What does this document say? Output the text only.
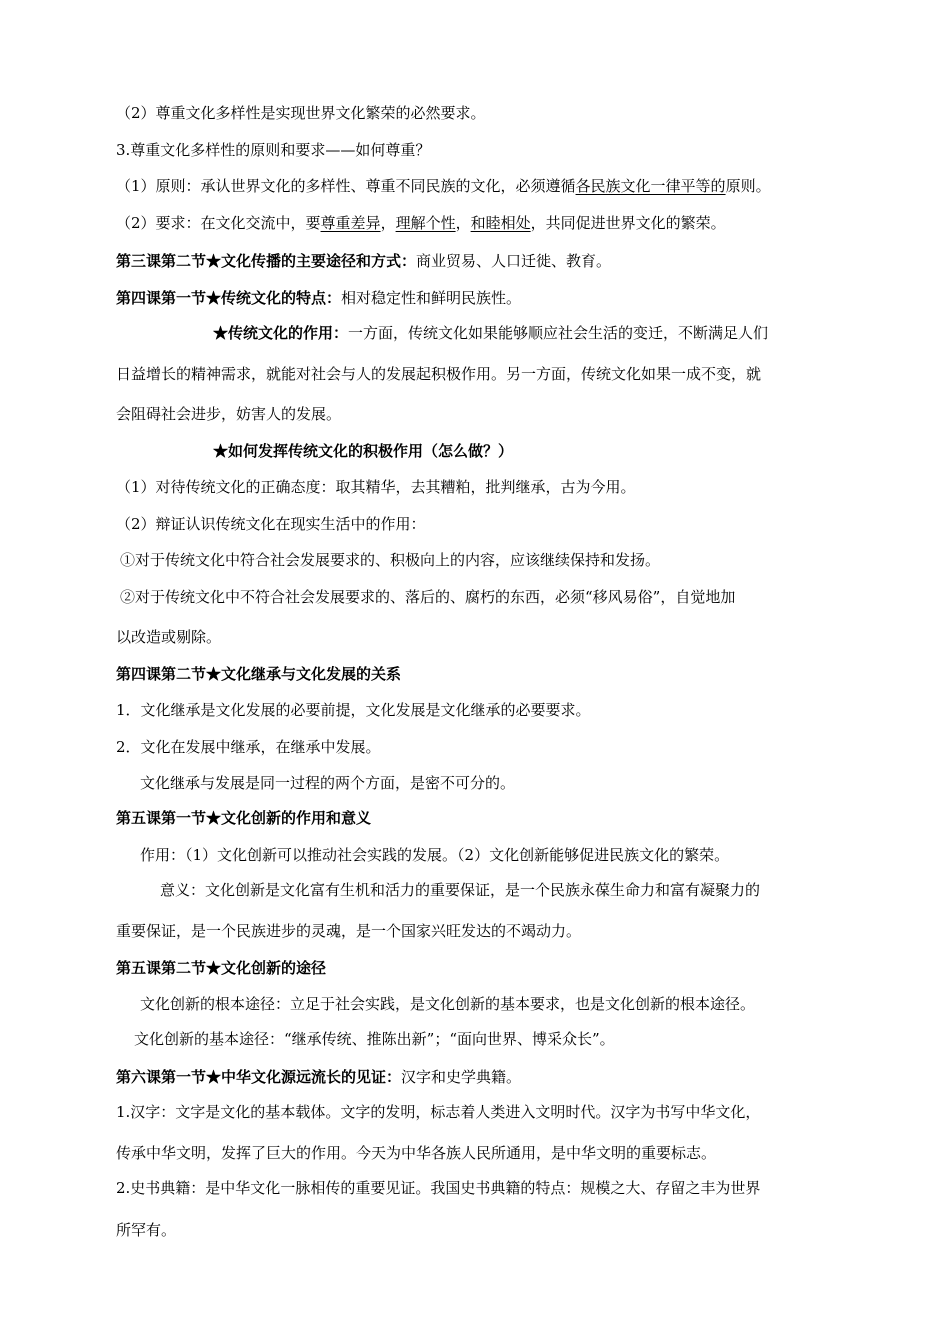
（2）尊重文化多样性是实现世界文化繁荣的必然要求。
3.尊重文化多样性的原则和要求——如何尊重？
（1）原则：承认世界文化的多样性、尊重不同民族的文化，必须遵循各民族文化一律平等的原则。
（2）要求：在文化交流中，要尊重差异，理解个性，和睦相处，共同促进世界文化的繁荣。
第三课第二节★文化传播的主要途径和方式：商业贸易、人口迁徙、教育。
第四课第一节★传统文化的特点：相对稳定性和鲜明民族性。
★传统文化的作用：一方面，传统文化如果能够顺应社会生活的变迁，不断满足人们
日益增长的精神需求，就能对社会与人的发展起积极作用。另一方面，传统文化如果一成不变，就
会阻碍社会进步，妨害人的发展。
★如何发挥传统文化的积极作用（怎么做？）
（1）对待传统文化的正确态度：取其精华，去其糟粕，批判继承，古为今用。
（2）辩证认识传统文化在现实生活中的作用：
①对于传统文化中符合社会发展要求的、积极向上的内容，应该继续保持和发扬。
②对于传统文化中不符合社会发展要求的、落后的、腐朽的东西，必须“移风易俗”，自觉地加
以改造或剔除。
第四课第二节★文化继承与文化发展的关系
1．文化继承是文化发展的必要前提，文化发展是文化继承的必要要求。
2．文化在发展中继承，在继承中发展。
文化继承与发展是同一过程的两个方面，是密不可分的。
第五课第一节★文化创新的作用和意义
作用：（1）文化创新可以推动社会实践的发展。（2）文化创新能够促进民族文化的繁荣。
意义：文化创新是文化富有生机和活力的重要保证，是一个民族永葆生命力和富有凝聚力的
重要保证，是一个民族进步的灵魂，是一个国家兴旺发达的不竭动力。
第五课第二节★文化创新的途径
文化创新的根本途径：立足于社会实践，是文化创新的基本要求，也是文化创新的根本途径。
文化创新的基本途径：“继承传统、推陈出新”；“面向世界、博采众长”。
第六课第一节★中华文化源远流长的见证：汉字和史学典籍。
1.汉字：文字是文化的基本载体。文字的发明，标志着人类进入文明时代。汉字为书写中华文化，
传承中华文明，发挥了巨大的作用。今天为中华各族人民所通用，是中华文明的重要标志。
2.史书典籍：是中华文化一脉相传的重要见证。我国史书典籍的特点：规模之大、存留之丰为世界
所罕有。
